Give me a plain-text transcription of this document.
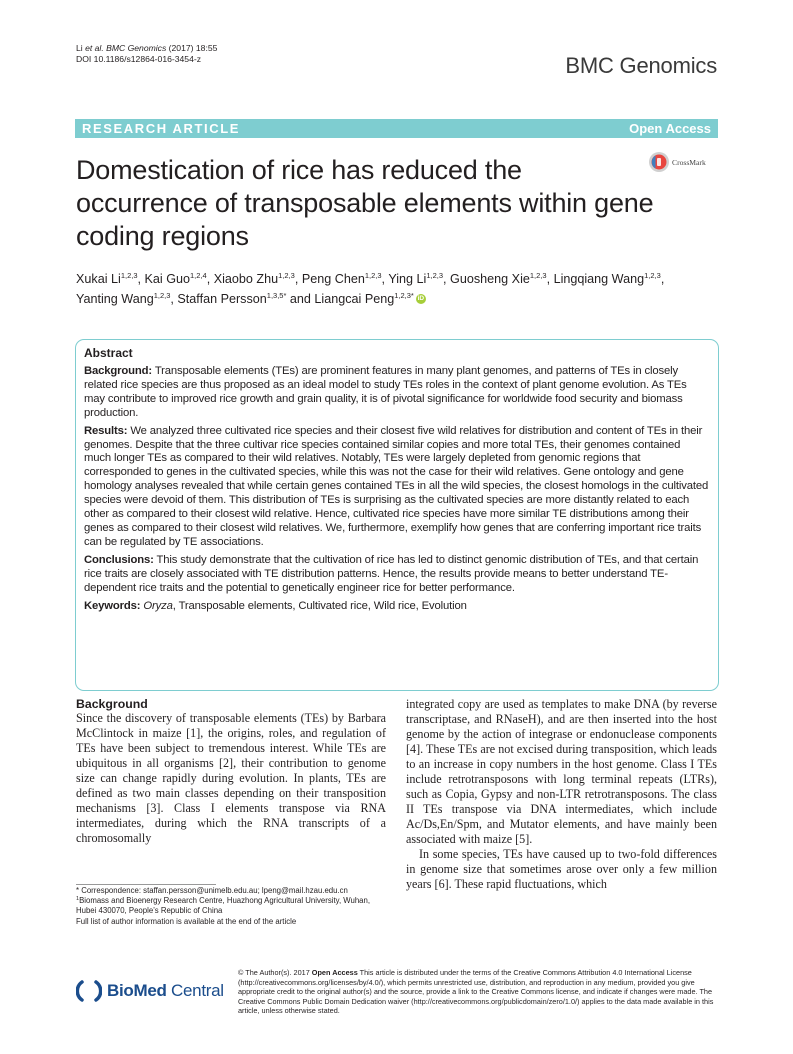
Li et al. BMC Genomics (2017) 18:55
DOI 10.1186/s12864-016-3454-z	BMC Genomics
RESEARCH ARTICLE	Open Access
CrossMark
Domestication of rice has reduced the occurrence of transposable elements within gene coding regions
Xukai Li$^{1,2,3}$, Kai Guo$^{1,2,4}$, Xiaobo Zhu$^{1,2,3}$, Peng Chen$^{1,2,3}$, Ying Li$^{1,2,3}$, Guosheng Xie$^{1,2,3}$, Lingqiang Wang$^{1,2,3}$, Yanting Wang$^{1,2,3}$, Staffan Persson$^{1,3,5*}$ and Liangcai Peng$^{1,2,3*}$ iD
Abstract
Background: Transposable elements (TEs) are prominent features in many plant genomes, and patterns of TEs in closely related rice species are thus proposed as an ideal model to study TEs roles in the context of plant genome evolution. As TEs may contribute to improved rice growth and grain quality, it is of pivotal significance for worldwide food security and biomass production.
Results: We analyzed three cultivated rice species and their closest five wild relatives for distribution and content of TEs in their genomes. Despite that the three cultivar rice species contained similar copies and more total TEs, their genomes contained much longer TEs as compared to their wild relatives. Notably, TEs were largely depleted from genomic regions that corresponded to genes in the cultivated species, while this was not the case for their wild relatives. Gene ontology and gene homology analyses revealed that while certain genes contained TEs in all the wild species, the closest homologs in the cultivated species were devoid of them. This distribution of TEs is surprising as the cultivated species are more distantly related to each other as compared to their closest wild relative. Hence, cultivated rice species have more similar TE distributions among their genes as compared to their closest wild relatives. We, furthermore, exemplify how genes that are conferring important rice traits can be regulated by TE associations.
Conclusions: This study demonstrate that the cultivation of rice has led to distinct genomic distribution of TEs, and that certain rice traits are closely associated with TE distribution patterns. Hence, the results provide means to better understand TE-dependent rice traits and the potential to genetically engineer rice for better performance.
Keywords: Oryza, Transposable elements, Cultivated rice, Wild rice, Evolution
Background
Since the discovery of transposable elements (TEs) by Barbara McClintock in maize [1], the origins, roles, and regulation of TEs have been subject to tremendous interest. While TEs are ubiquitous in all organisms [2], their contribution to genome size can change rapidly during evolution. In plants, TEs are defined as two main classes depending on their transposition mechanisms [3]. Class I elements transpose via RNA intermediates, during which the RNA transcripts of a chromosomally
integrated copy are used as templates to make DNA (by reverse transcriptase, and RNaseH), and are then inserted into the host genome by the action of integrase or endonuclease components [4]. These TEs are not excised during transposition, which leads to an increase in copy numbers in the host genome. Class I TEs include retrotransposons with long terminal repeats (LTRs), such as Copia, Gypsy and non-LTR retrotransposons. The class II TEs transpose via DNA intermediates, which include Ac/Ds,En/Spm, and Mutator elements, and have mainly been associated with maize [5].
In some species, TEs have caused up to two-fold differences in genome size that sometimes arose over only a few million years [6]. These rapid fluctuations, which
* Correspondence: staffan.persson@unimelb.edu.au; lpeng@mail.hzau.edu.cn
$^1$Biomass and Bioenergy Research Centre, Huazhong Agricultural University, Wuhan, Hubei 430070, People’s Republic of China
Full list of author information is available at the end of the article
BioMed Central
© The Author(s). 2017 Open Access This article is distributed under the terms of the Creative Commons Attribution 4.0 International License (http://creativecommons.org/licenses/by/4.0/), which permits unrestricted use, distribution, and reproduction in any medium, provided you give appropriate credit to the original author(s) and the source, provide a link to the Creative Commons license, and indicate if changes were made. The Creative Commons Public Domain Dedication waiver (http://creativecommons.org/publicdomain/zero/1.0/) applies to the data made available in this article, unless otherwise stated.
